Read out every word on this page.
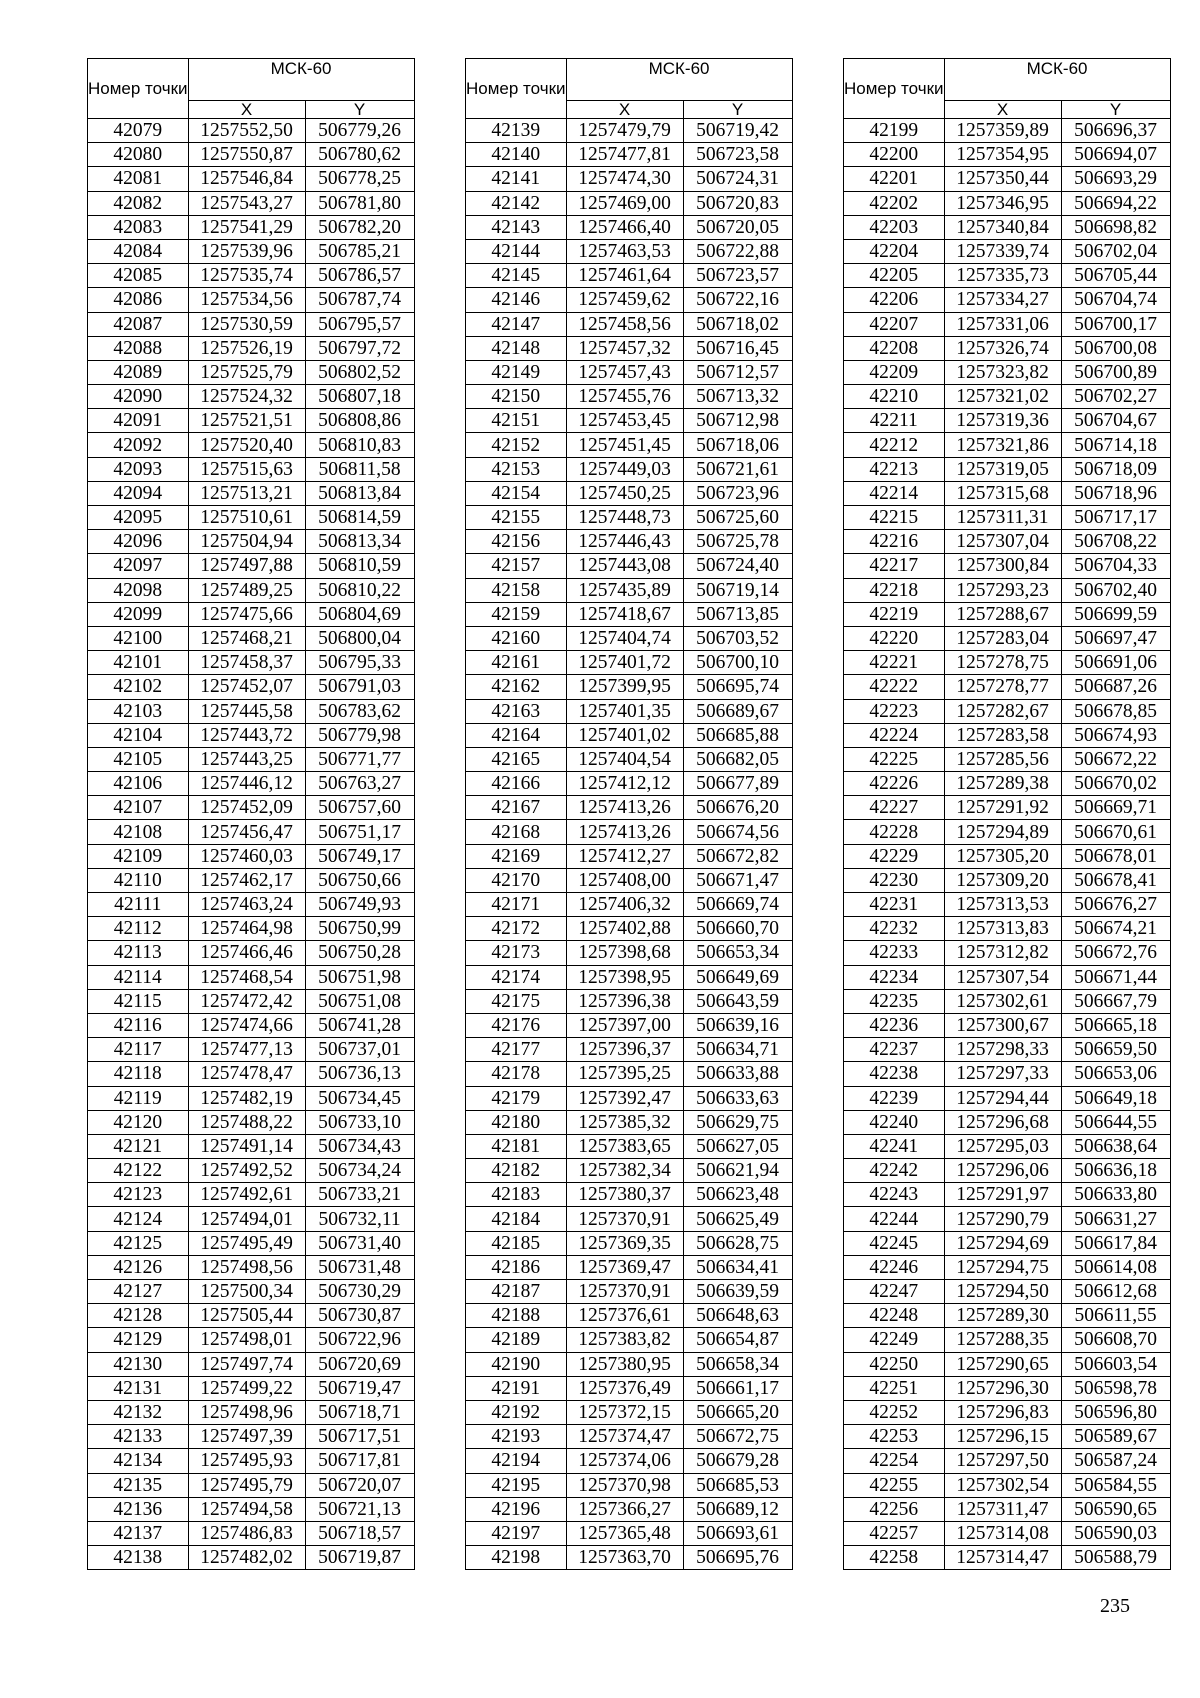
Номер точки	МСК-60	
	X	Y
42079	1257552,50	506779,26
42080	1257550,87	506780,62
42081	1257546,84	506778,25
42082	1257543,27	506781,80
42083	1257541,29	506782,20
42084	1257539,96	506785,21
42085	1257535,74	506786,57
42086	1257534,56	506787,74
42087	1257530,59	506795,57
42088	1257526,19	506797,72
42089	1257525,79	506802,52
42090	1257524,32	506807,18
42091	1257521,51	506808,86
42092	1257520,40	506810,83
42093	1257515,63	506811,58
42094	1257513,21	506813,84
42095	1257510,61	506814,59
42096	1257504,94	506813,34
42097	1257497,88	506810,59
42098	1257489,25	506810,22
42099	1257475,66	506804,69
42100	1257468,21	506800,04
42101	1257458,37	506795,33
42102	1257452,07	506791,03
42103	1257445,58	506783,62
42104	1257443,72	506779,98
42105	1257443,25	506771,77
42106	1257446,12	506763,27
42107	1257452,09	506757,60
42108	1257456,47	506751,17
42109	1257460,03	506749,17
42110	1257462,17	506750,66
42111	1257463,24	506749,93
42112	1257464,98	506750,99
42113	1257466,46	506750,28
42114	1257468,54	506751,98
42115	1257472,42	506751,08
42116	1257474,66	506741,28
42117	1257477,13	506737,01
42118	1257478,47	506736,13
42119	1257482,19	506734,45
42120	1257488,22	506733,10
42121	1257491,14	506734,43
42122	1257492,52	506734,24
42123	1257492,61	506733,21
42124	1257494,01	506732,11
42125	1257495,49	506731,40
42126	1257498,56	506731,48
42127	1257500,34	506730,29
42128	1257505,44	506730,87
42129	1257498,01	506722,96
42130	1257497,74	506720,69
42131	1257499,22	506719,47
42132	1257498,96	506718,71
42133	1257497,39	506717,51
42134	1257495,93	506717,81
42135	1257495,79	506720,07
42136	1257494,58	506721,13
42137	1257486,83	506718,57
42138	1257482,02	506719,87
Номер точки	МСК-60	
	X	Y
42139	1257479,79	506719,42
42140	1257477,81	506723,58
42141	1257474,30	506724,31
42142	1257469,00	506720,83
42143	1257466,40	506720,05
42144	1257463,53	506722,88
42145	1257461,64	506723,57
42146	1257459,62	506722,16
42147	1257458,56	506718,02
42148	1257457,32	506716,45
42149	1257457,43	506712,57
42150	1257455,76	506713,32
42151	1257453,45	506712,98
42152	1257451,45	506718,06
42153	1257449,03	506721,61
42154	1257450,25	506723,96
42155	1257448,73	506725,60
42156	1257446,43	506725,78
42157	1257443,08	506724,40
42158	1257435,89	506719,14
42159	1257418,67	506713,85
42160	1257404,74	506703,52
42161	1257401,72	506700,10
42162	1257399,95	506695,74
42163	1257401,35	506689,67
42164	1257401,02	506685,88
42165	1257404,54	506682,05
42166	1257412,12	506677,89
42167	1257413,26	506676,20
42168	1257413,26	506674,56
42169	1257412,27	506672,82
42170	1257408,00	506671,47
42171	1257406,32	506669,74
42172	1257402,88	506660,70
42173	1257398,68	506653,34
42174	1257398,95	506649,69
42175	1257396,38	506643,59
42176	1257397,00	506639,16
42177	1257396,37	506634,71
42178	1257395,25	506633,88
42179	1257392,47	506633,63
42180	1257385,32	506629,75
42181	1257383,65	506627,05
42182	1257382,34	506621,94
42183	1257380,37	506623,48
42184	1257370,91	506625,49
42185	1257369,35	506628,75
42186	1257369,47	506634,41
42187	1257370,91	506639,59
42188	1257376,61	506648,63
42189	1257383,82	506654,87
42190	1257380,95	506658,34
42191	1257376,49	506661,17
42192	1257372,15	506665,20
42193	1257374,47	506672,75
42194	1257374,06	506679,28
42195	1257370,98	506685,53
42196	1257366,27	506689,12
42197	1257365,48	506693,61
42198	1257363,70	506695,76
Номер точки	МСК-60	
	X	Y
42199	1257359,89	506696,37
42200	1257354,95	506694,07
42201	1257350,44	506693,29
42202	1257346,95	506694,22
42203	1257340,84	506698,82
42204	1257339,74	506702,04
42205	1257335,73	506705,44
42206	1257334,27	506704,74
42207	1257331,06	506700,17
42208	1257326,74	506700,08
42209	1257323,82	506700,89
42210	1257321,02	506702,27
42211	1257319,36	506704,67
42212	1257321,86	506714,18
42213	1257319,05	506718,09
42214	1257315,68	506718,96
42215	1257311,31	506717,17
42216	1257307,04	506708,22
42217	1257300,84	506704,33
42218	1257293,23	506702,40
42219	1257288,67	506699,59
42220	1257283,04	506697,47
42221	1257278,75	506691,06
42222	1257278,77	506687,26
42223	1257282,67	506678,85
42224	1257283,58	506674,93
42225	1257285,56	506672,22
42226	1257289,38	506670,02
42227	1257291,92	506669,71
42228	1257294,89	506670,61
42229	1257305,20	506678,01
42230	1257309,20	506678,41
42231	1257313,53	506676,27
42232	1257313,83	506674,21
42233	1257312,82	506672,76
42234	1257307,54	506671,44
42235	1257302,61	506667,79
42236	1257300,67	506665,18
42237	1257298,33	506659,50
42238	1257297,33	506653,06
42239	1257294,44	506649,18
42240	1257296,68	506644,55
42241	1257295,03	506638,64
42242	1257296,06	506636,18
42243	1257291,97	506633,80
42244	1257290,79	506631,27
42245	1257294,69	506617,84
42246	1257294,75	506614,08
42247	1257294,50	506612,68
42248	1257289,30	506611,55
42249	1257288,35	506608,70
42250	1257290,65	506603,54
42251	1257296,30	506598,78
42252	1257296,83	506596,80
42253	1257296,15	506589,67
42254	1257297,50	506587,24
42255	1257302,54	506584,55
42256	1257311,47	506590,65
42257	1257314,08	506590,03
42258	1257314,47	506588,79
235
